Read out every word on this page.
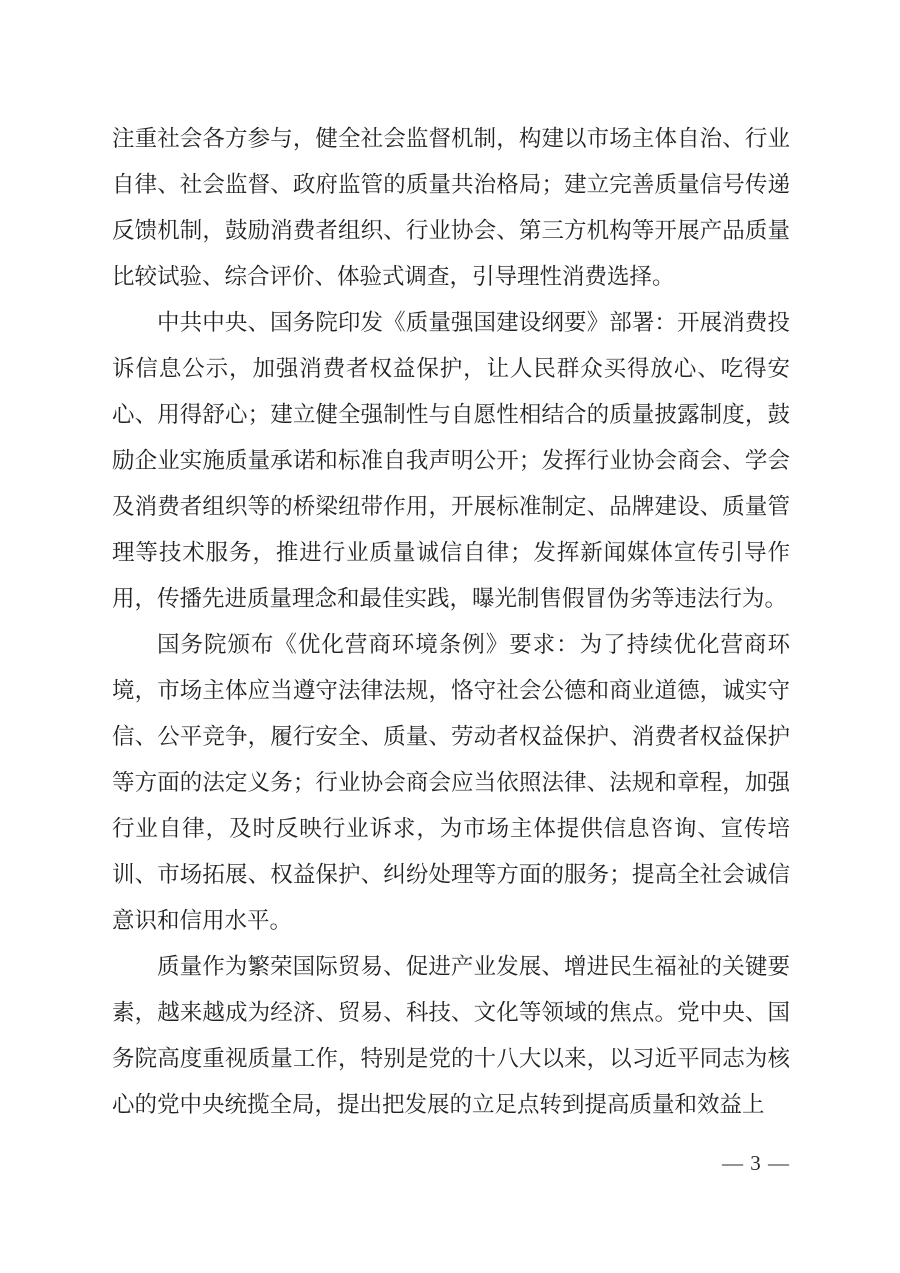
注重社会各方参与，健全社会监督机制，构建以市场主体自治、行业自律、社会监督、政府监管的质量共治格局；建立完善质量信号传递反馈机制，鼓励消费者组织、行业协会、第三方机构等开展产品质量比较试验、综合评价、体验式调查，引导理性消费选择。

中共中央、国务院印发《质量强国建设纲要》部署：开展消费投诉信息公示，加强消费者权益保护，让人民群众买得放心、吃得安心、用得舒心；建立健全强制性与自愿性相结合的质量披露制度，鼓励企业实施质量承诺和标准自我声明公开；发挥行业协会商会、学会及消费者组织等的桥梁纽带作用，开展标准制定、品牌建设、质量管理等技术服务，推进行业质量诚信自律；发挥新闻媒体宣传引导作用，传播先进质量理念和最佳实践，曝光制售假冒伪劣等违法行为。

国务院颁布《优化营商环境条例》要求：为了持续优化营商环境，市场主体应当遵守法律法规，恪守社会公德和商业道德，诚实守信、公平竞争，履行安全、质量、劳动者权益保护、消费者权益保护等方面的法定义务；行业协会商会应当依照法律、法规和章程，加强行业自律，及时反映行业诉求，为市场主体提供信息咨询、宣传培训、市场拓展、权益保护、纠纷处理等方面的服务；提高全社会诚信意识和信用水平。

质量作为繁荣国际贸易、促进产业发展、增进民生福祉的关键要素，越来越成为经济、贸易、科技、文化等领域的焦点。党中央、国务院高度重视质量工作，特别是党的十八大以来，以习近平同志为核心的党中央统揽全局，提出把发展的立足点转到提高质量和效益上

— 3 —
